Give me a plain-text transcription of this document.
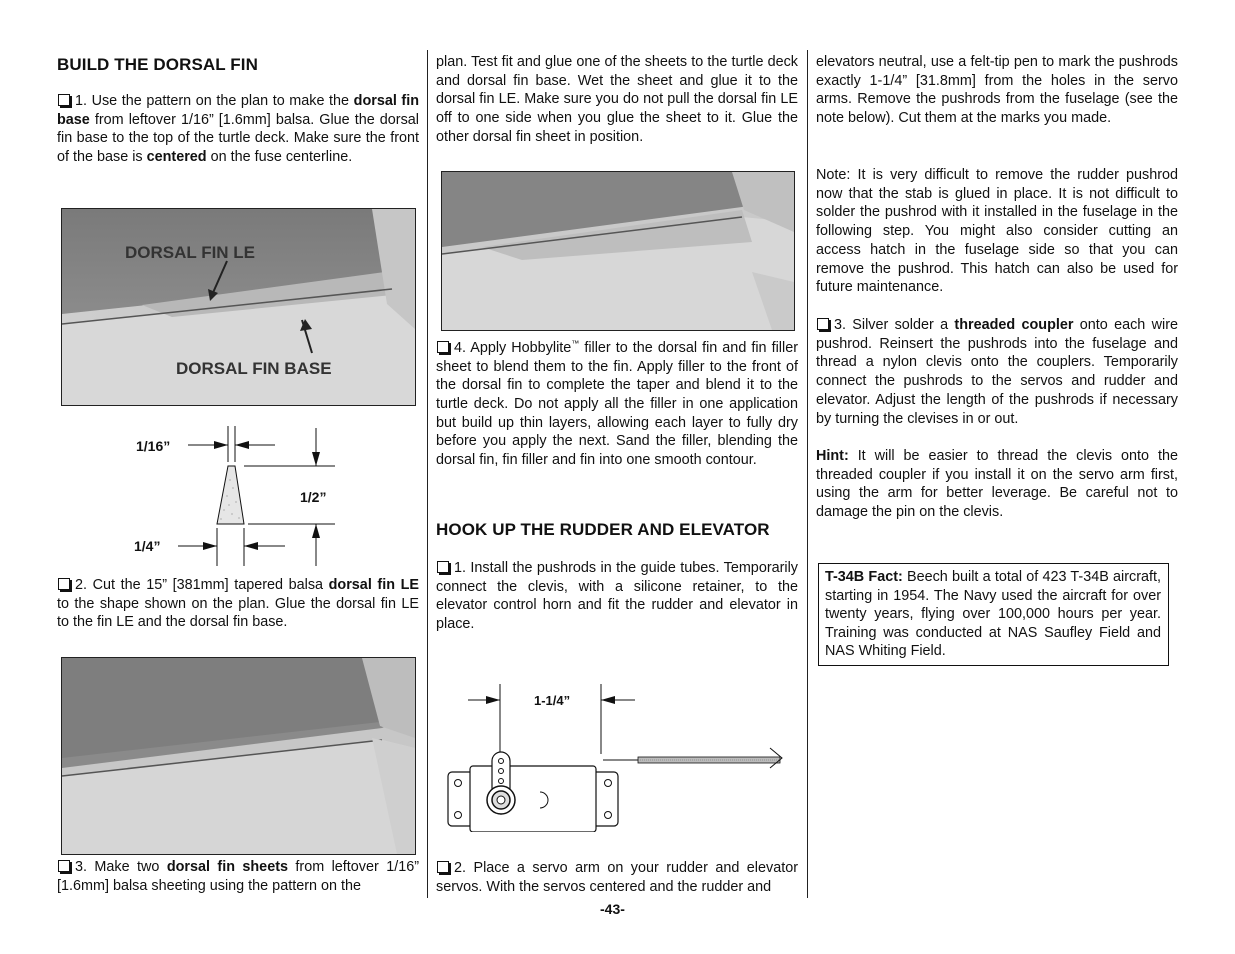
BUILD THE DORSAL FIN

1. Use the pattern on the plan to make the dorsal fin base from leftover 1/16” [1.6mm] balsa. Glue the dorsal fin base to the top of the turtle deck. Make sure the front of the base is centered on the fuse centerline.

DORSAL FIN LE
DORSAL FIN BASE
1/16”
1/2”
1/4”

2. Cut the 15” [381mm] tapered balsa dorsal fin LE to the shape shown on the plan. Glue the dorsal fin LE to the fin LE and the dorsal fin base.

3. Make two dorsal fin sheets from leftover 1/16” [1.6mm] balsa sheeting using the pattern on the

plan. Test fit and glue one of the sheets to the turtle deck and dorsal fin base. Wet the sheet and glue it to the dorsal fin LE. Make sure you do not pull the dorsal fin LE off to one side when you glue the sheet to it. Glue the other dorsal fin sheet in position.

4. Apply Hobbylite™ filler to the dorsal fin and fin filler sheet to blend them to the fin. Apply filler to the front of the dorsal fin to complete the taper and blend it to the turtle deck. Do not apply all the filler in one application but build up thin layers, allowing each layer to fully dry before you apply the next. Sand the filler, blending the dorsal fin, fin filler and fin into one smooth contour.

HOOK UP THE RUDDER AND ELEVATOR

1. Install the pushrods in the guide tubes. Temporarily connect the clevis, with a silicone retainer, to the elevator control horn and fit the rudder and elevator in place.

1-1/4”

2. Place a servo arm on your rudder and elevator servos. With the servos centered and the rudder and

elevators neutral, use a felt-tip pen to mark the pushrods exactly 1-1/4” [31.8mm] from the holes in the servo arms. Remove the pushrods from the fuselage (see the note below). Cut them at the marks you made.

Note: It is very difficult to remove the rudder pushrod now that the stab is glued in place. It is not difficult to solder the pushrod with it installed in the fuselage in the following step. You might also consider cutting an access hatch in the fuselage side so that you can remove the pushrod. This hatch can also be used for future maintenance.

3. Silver solder a threaded coupler onto each wire pushrod. Reinsert the pushrods into the fuselage and thread a nylon clevis onto the couplers. Temporarily connect the pushrods to the servos and rudder and elevator. Adjust the length of the pushrods if necessary by turning the clevises in or out.

Hint: It will be easier to thread the clevis onto the threaded coupler if you install it on the servo arm first, using the arm for better leverage. Be careful not to damage the pin on the clevis.

T-34B Fact: Beech built a total of 423 T-34B aircraft, starting in 1954. The Navy used the aircraft for over twenty years, flying over 100,000 hours per year. Training was conducted at NAS Saufley Field and NAS Whiting Field.

-43-
